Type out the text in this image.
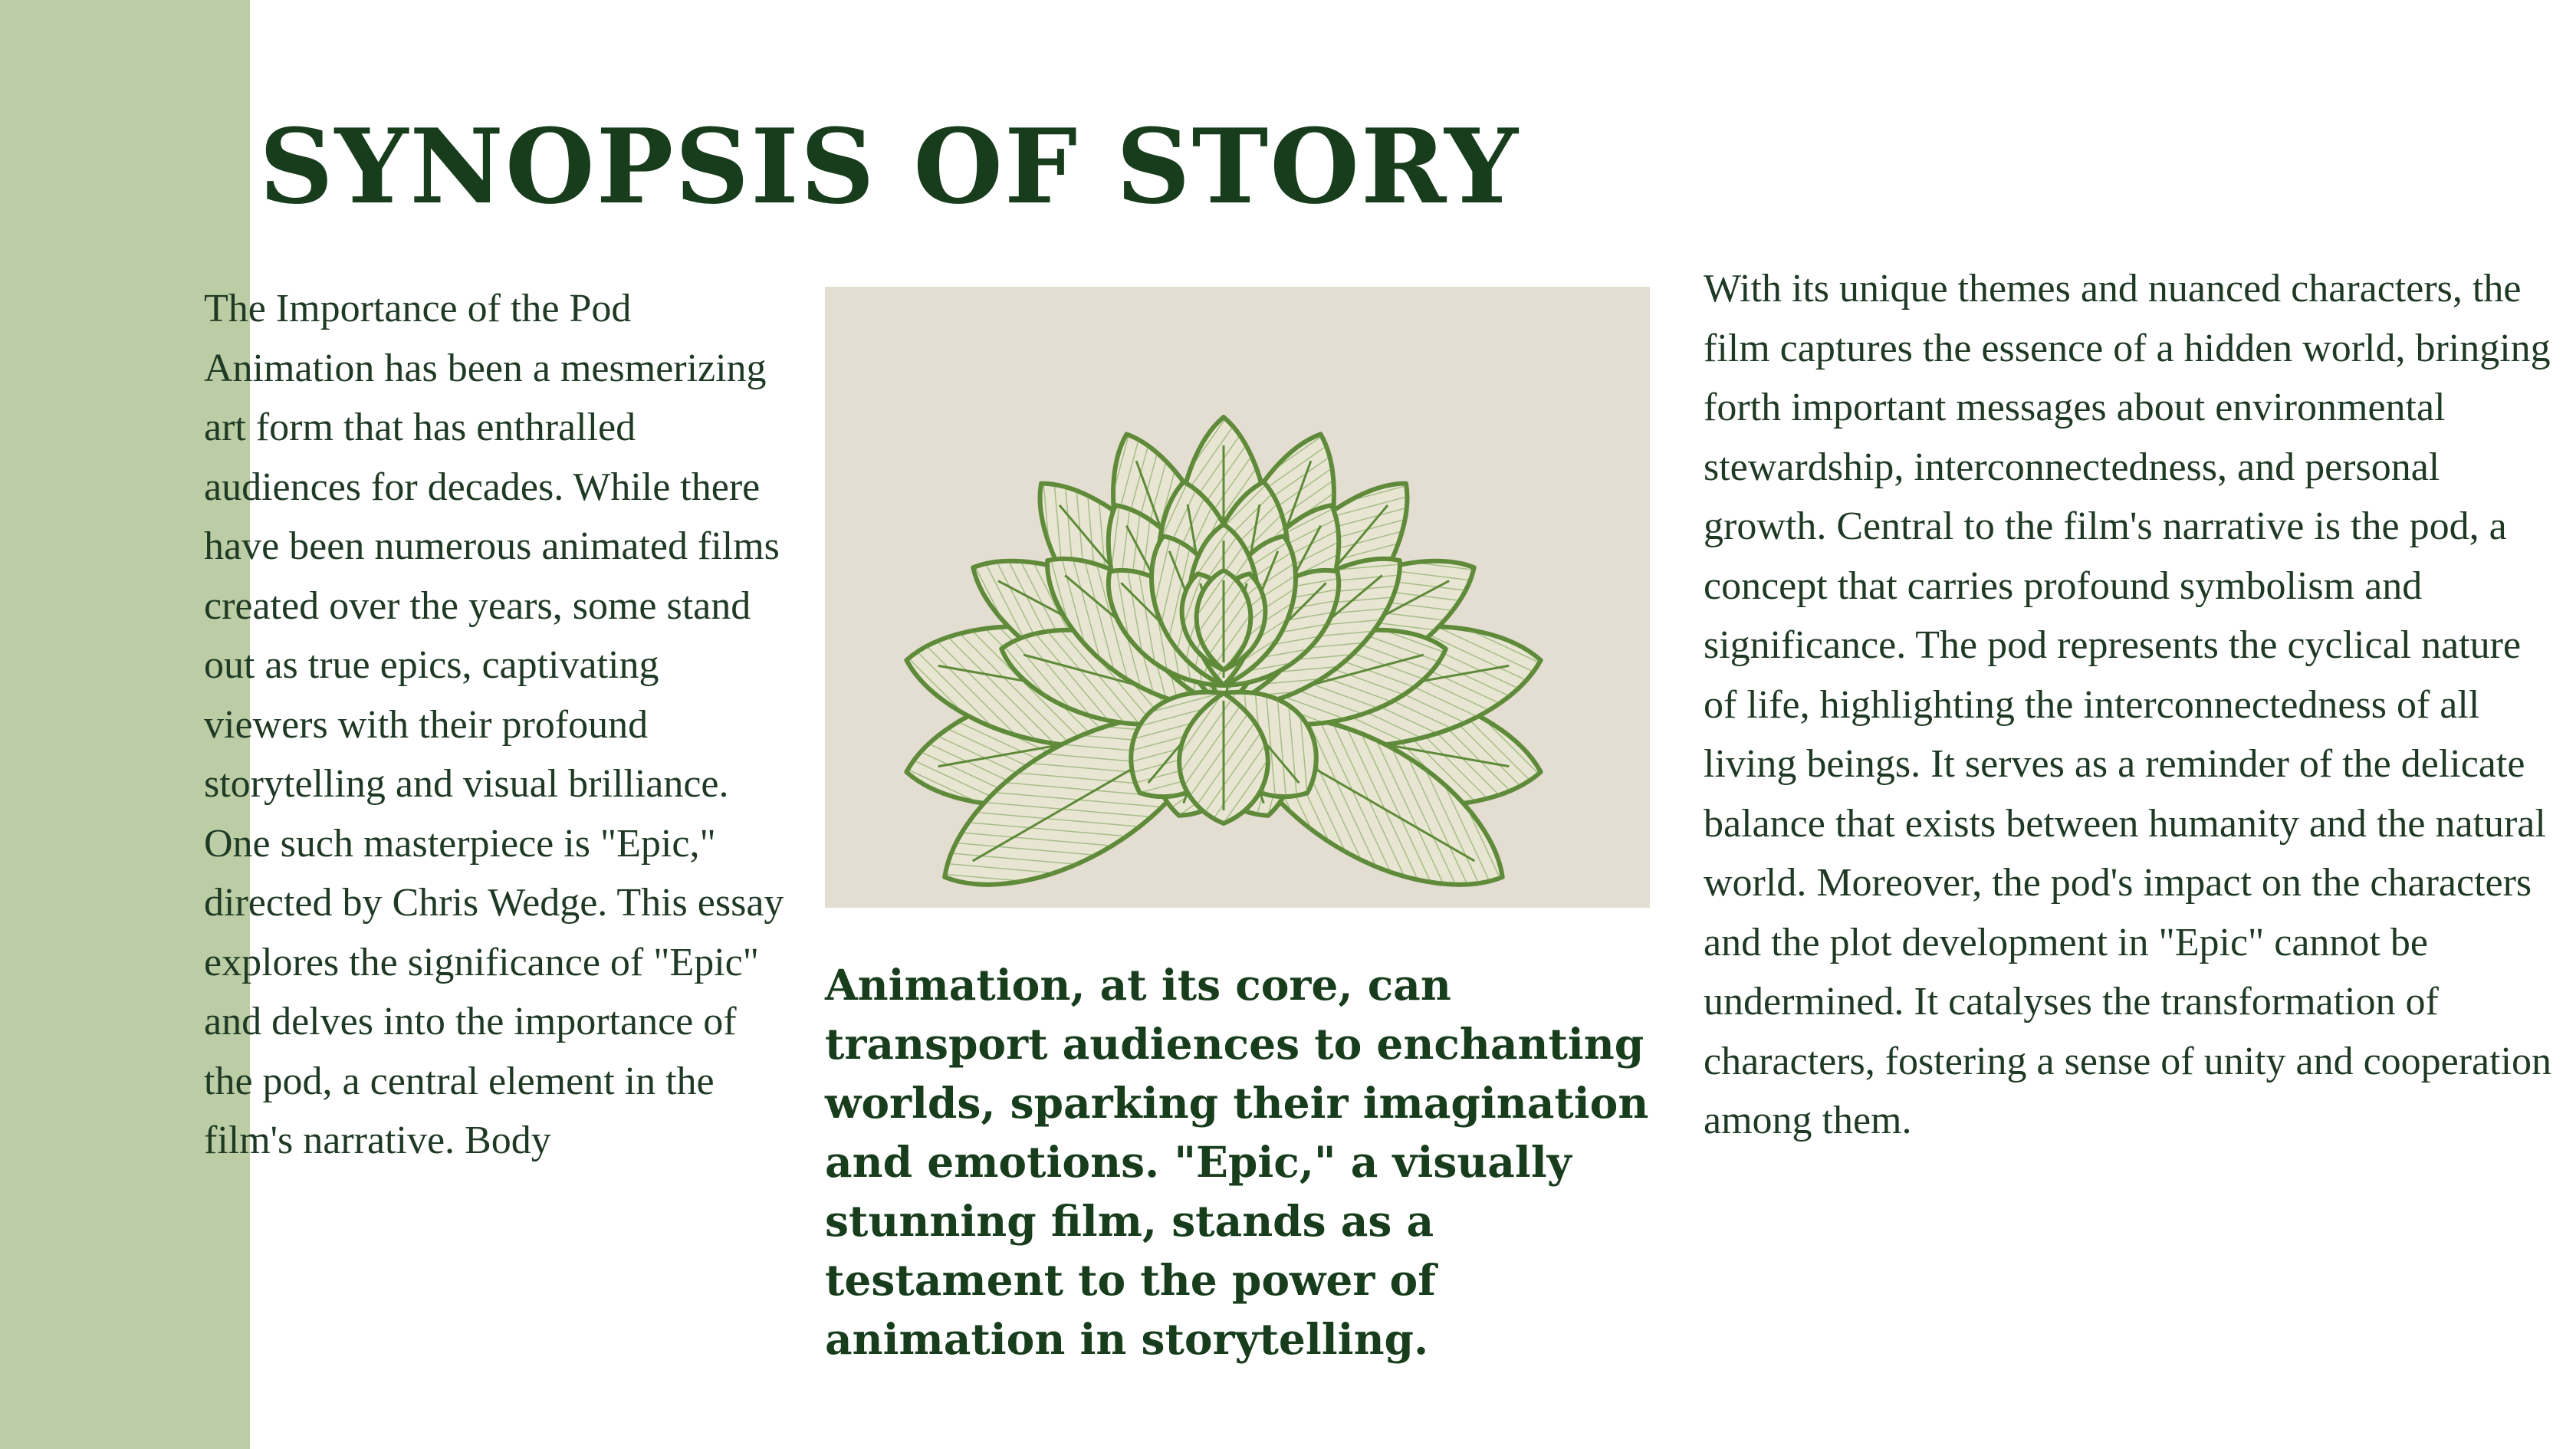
SYNOPSIS OF STORY

The Importance of the Pod Animation has been a mesmerizing art form that has enthralled audiences for decades. While there have been numerous animated films created over the years, some stand out as true epics, captivating viewers with their profound storytelling and visual brilliance. One such masterpiece is "Epic," directed by Chris Wedge. This essay explores the significance of "Epic" and delves into the importance of the pod, a central element in the film's narrative. Body

Animation, at its core, can transport audiences to enchanting worlds, sparking their imagination and emotions. "Epic," a visually stunning film, stands as a testament to the power of animation in storytelling.

With its unique themes and nuanced characters, the film captures the essence of a hidden world, bringing forth important messages about environmental stewardship, interconnectedness, and personal growth. Central to the film's narrative is the pod, a concept that carries profound symbolism and significance. The pod represents the cyclical nature of life, highlighting the interconnectedness of all living beings. It serves as a reminder of the delicate balance that exists between humanity and the natural world. Moreover, the pod's impact on the characters and the plot development in "Epic" cannot be undermined. It catalyses the transformation of characters, fostering a sense of unity and cooperation among them.
